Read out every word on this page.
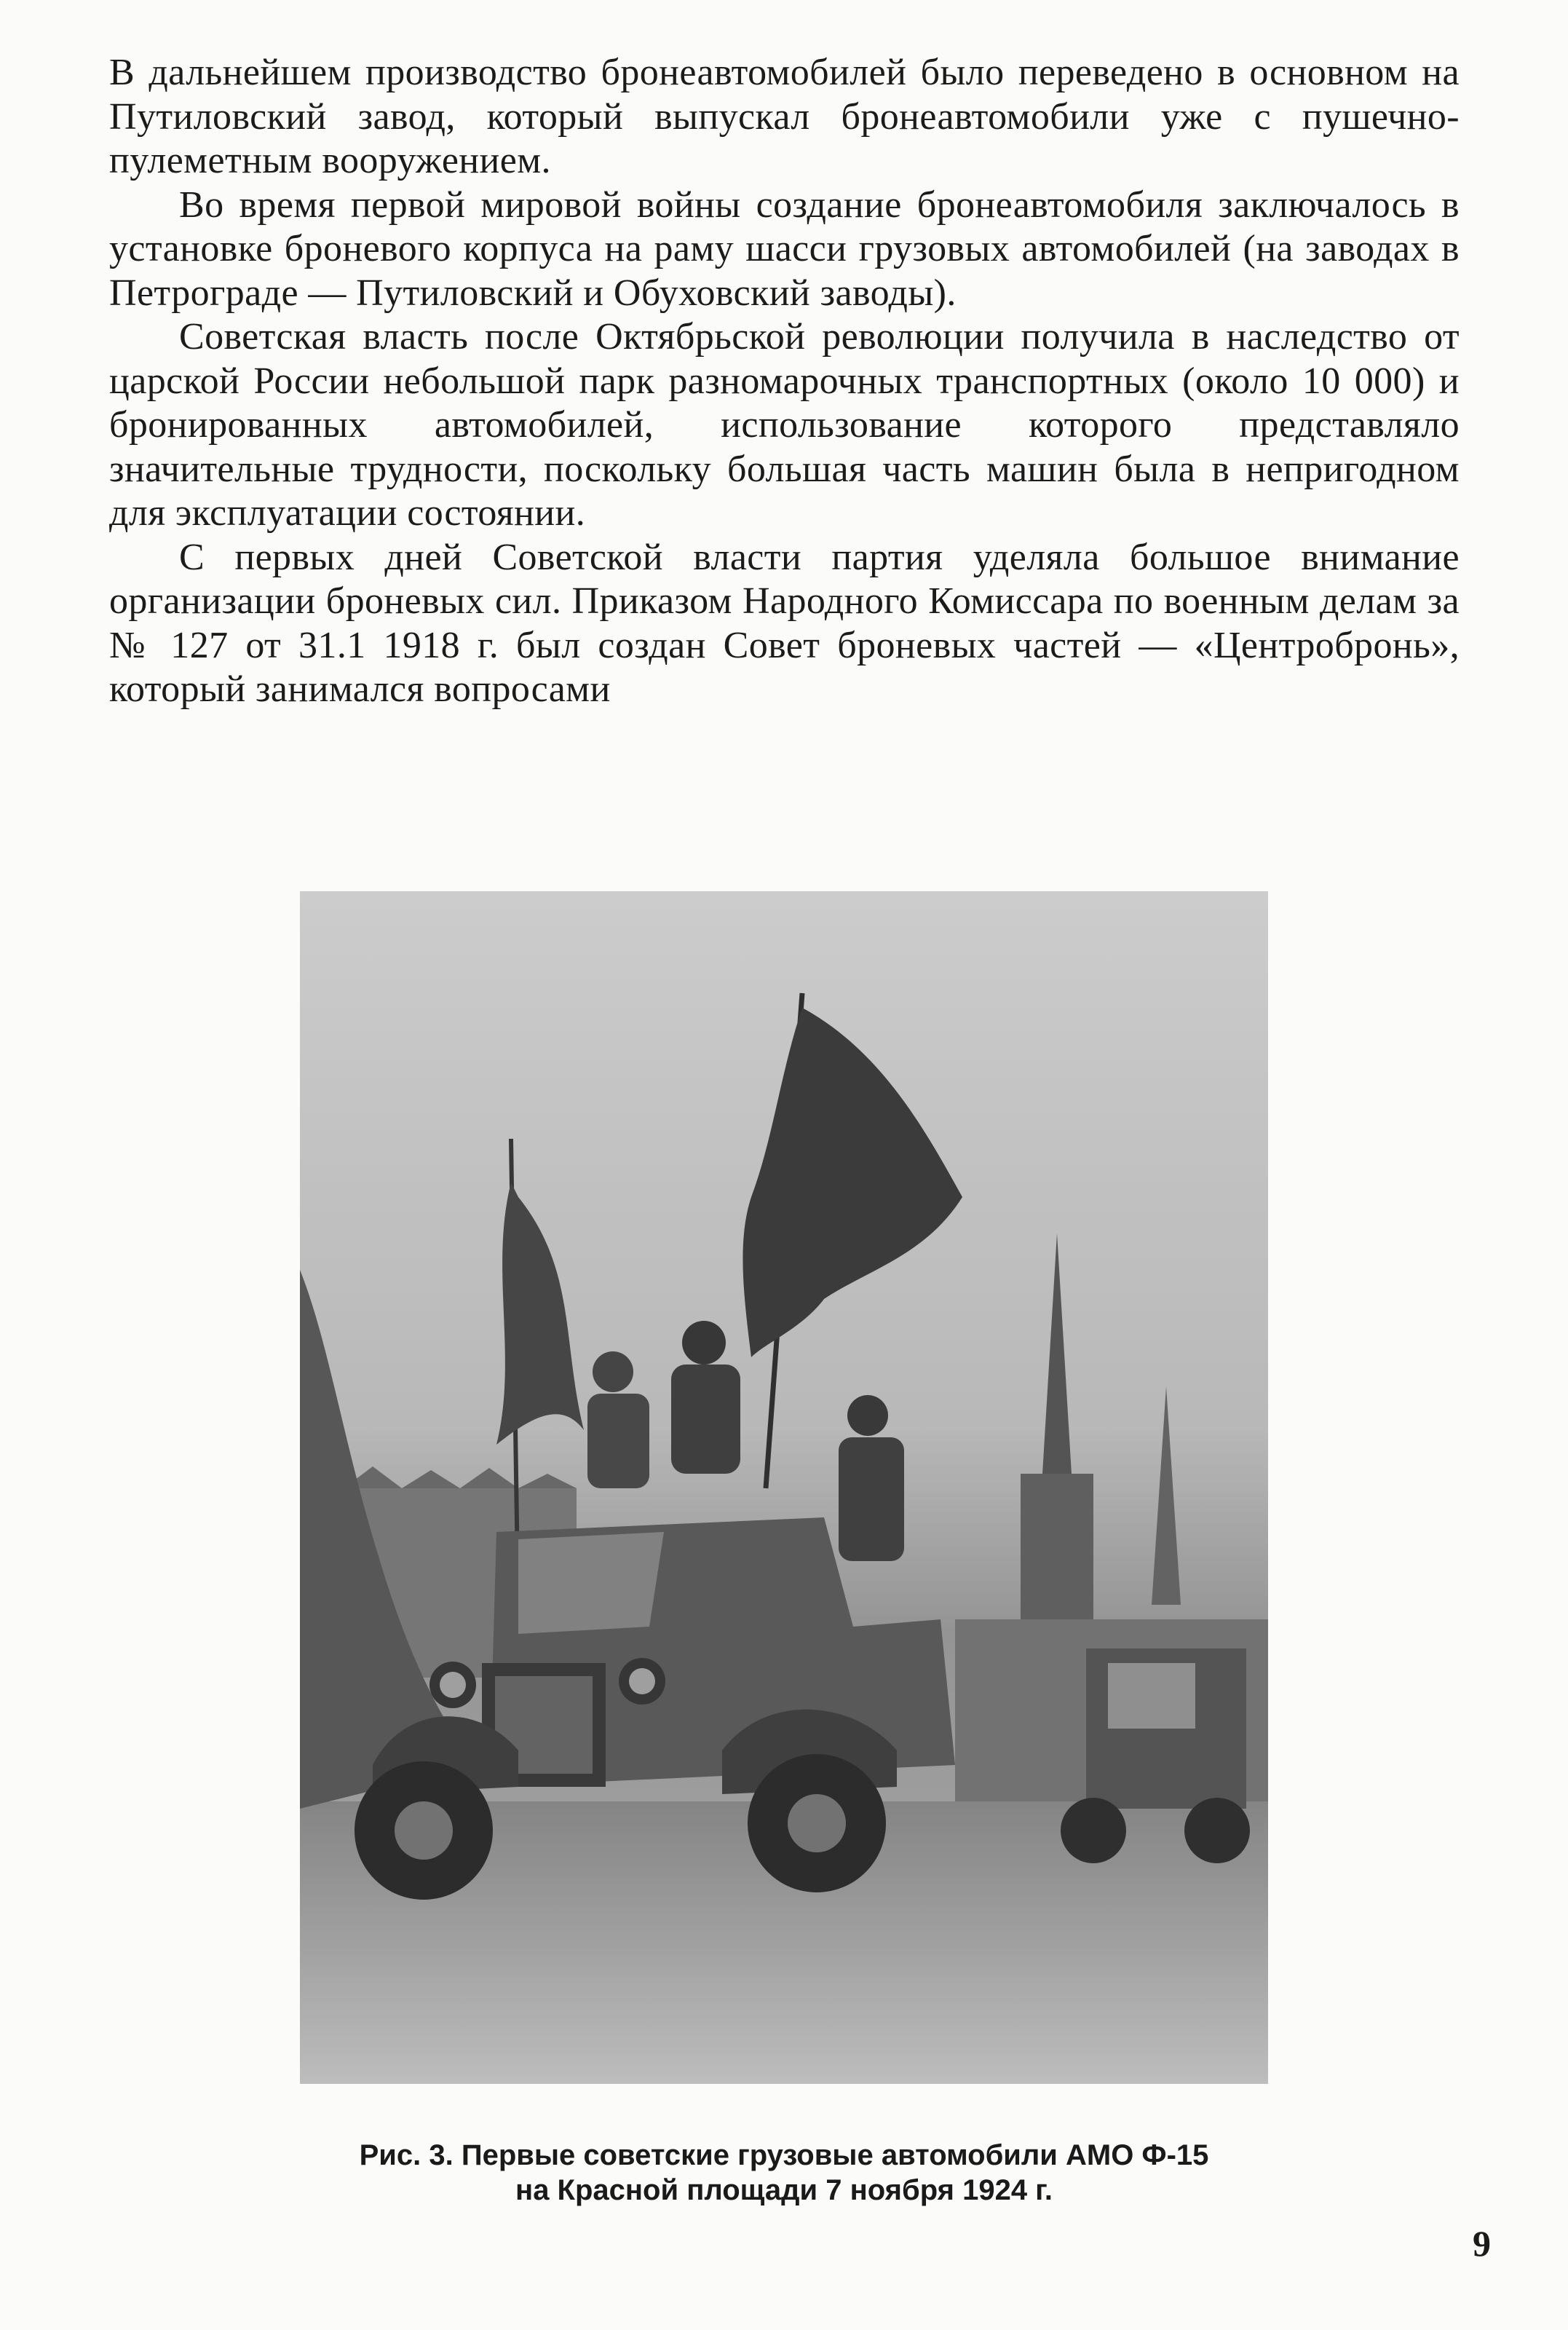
В дальнейшем производство бронеавтомобилей было переведено в основном на Путиловский завод, который выпускал бронеавтомобили уже с пушечно-пулеметным вооружением.

Во время первой мировой войны создание бронеавтомобиля заключалось в установке броневого корпуса на раму шасси грузовых автомобилей (на заводах в Петрограде — Путиловский и Обуховский заводы).

Советская власть после Октябрьской революции получила в наследство от царской России небольшой парк разномарочных транспортных (около 10 000) и бронированных автомобилей, использование которого представляло значительные трудности, поскольку большая часть машин была в непригодном для эксплуатации состоянии.

С первых дней Советской власти партия уделяла большое внимание организации броневых сил. Приказом Народного Комиссара по военным делам за № 127 от 31.1 1918 г. был создан Совет броневых частей — «Центробронь», который занимался вопросами

Рис. 3. Первые советские грузовые автомобили АМО Ф-15
на Красной площади 7 ноября 1924 г.
9
